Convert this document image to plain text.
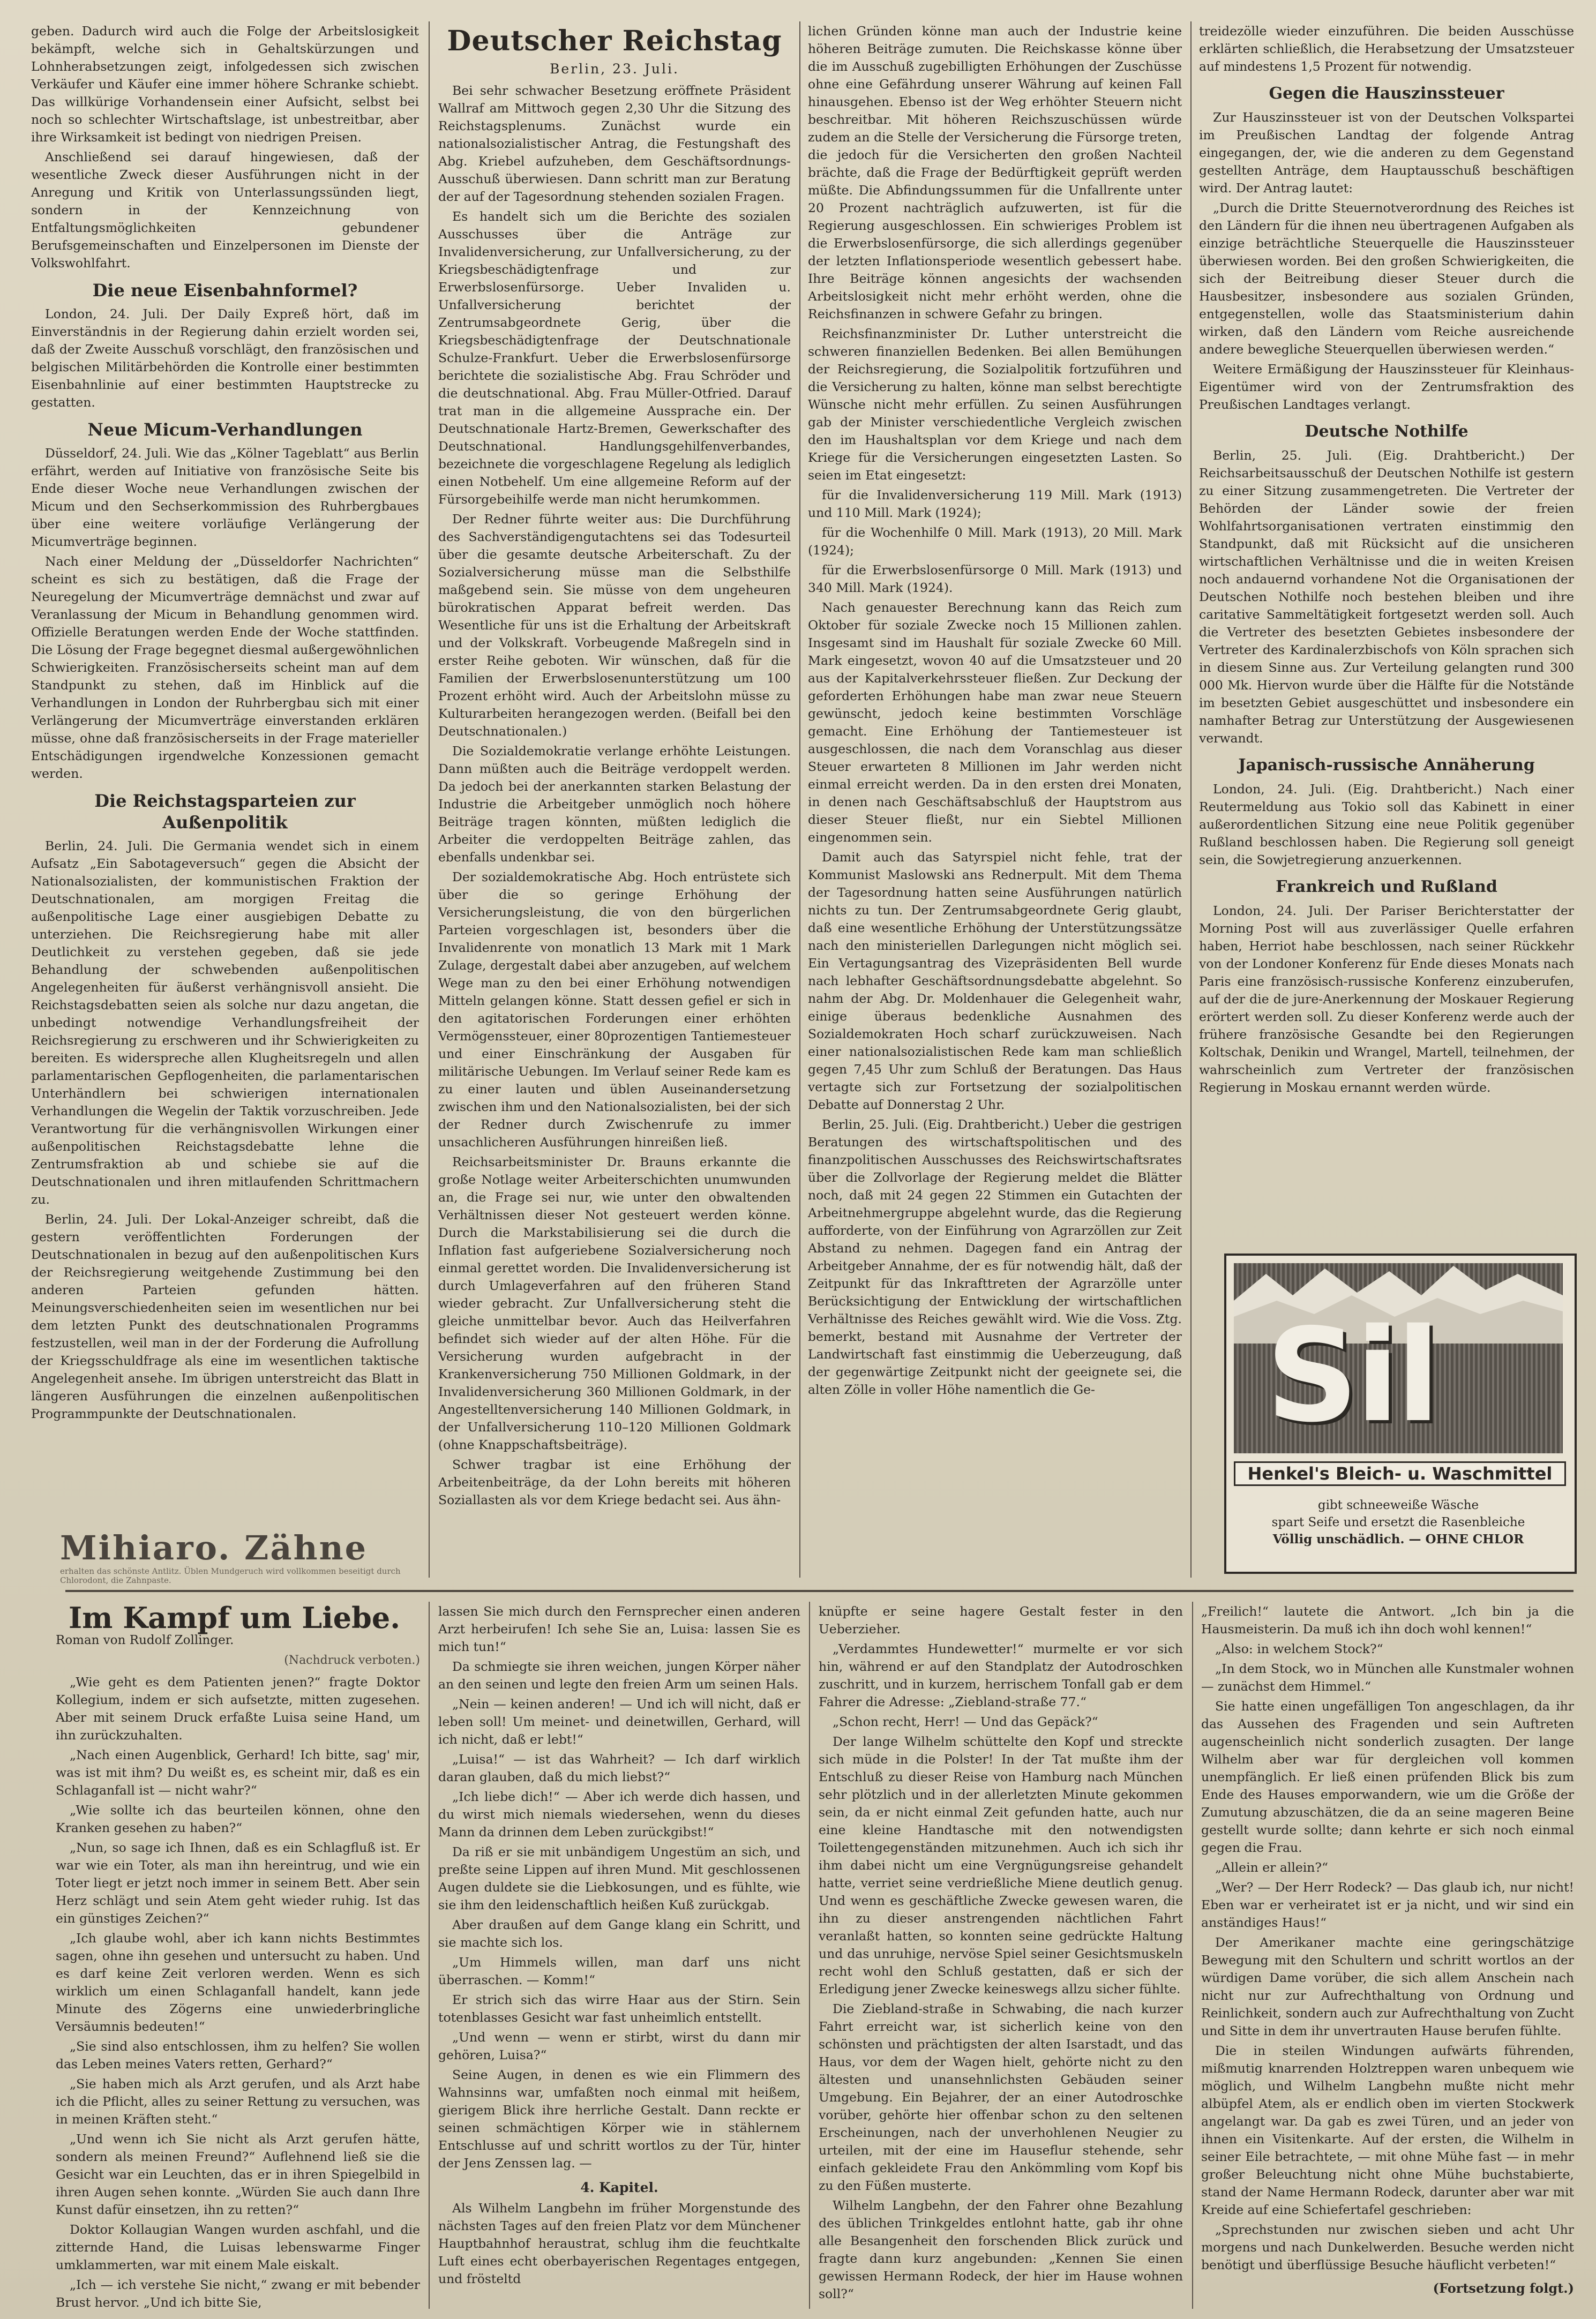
geben. Dadurch wird auch die Folge der Arbeitslosigkeit bekämpft, welche sich in Gehaltskürzungen und Lohnherabsetzungen zeigt, infolgedessen sich zwischen Verkäufer und Käufer eine immer höhere Schranke schiebt. Das willkürige Vorhandensein einer Aufsicht, selbst bei noch so schlechter Wirtschaftslage, ist unbestreitbar, aber ihre Wirksamkeit ist bedingt von niedrigen Preisen.

Anschließend sei darauf hingewiesen, daß der wesentliche Zweck dieser Ausführungen nicht in der Anregung und Kritik von Unterlassungssünden liegt, sondern in der Kennzeichnung von Entfaltungsmöglichkeiten gebundener Berufsgemeinschaften und Einzelpersonen im Dienste der Volkswohlfahrt.

Die neue Eisenbahnformel?

London, 24. Juli. Der Daily Expreß hört, daß im Einverständnis in der Regierung dahin erzielt worden sei, daß der Zweite Ausschuß vorschlägt, den französischen und belgischen Militärbehörden die Kontrolle einer bestimmten Eisenbahnlinie auf einer bestimmten Hauptstrecke zu gestatten.

Neue Micum-Verhandlungen

Düsseldorf, 24. Juli. Wie das „Kölner Tageblatt“ aus Berlin erfährt, werden auf Initiative von französische Seite bis Ende dieser Woche neue Verhandlungen zwischen der Micum und den Sechserkommission des Ruhrbergbaues über eine weitere vorläufige Verlängerung der Micumverträge beginnen.

Nach einer Meldung der „Düsseldorfer Nachrichten“ scheint es sich zu bestätigen, daß die Frage der Neuregelung der Micumverträge demnächst und zwar auf Veranlassung der Micum in Behandlung genommen wird. Offizielle Beratungen werden Ende der Woche stattfinden. Die Lösung der Frage begegnet diesmal außergewöhnlichen Schwierigkeiten. Französischerseits scheint man auf dem Standpunkt zu stehen, daß im Hinblick auf die Verhandlungen in London der Ruhrbergbau sich mit einer Verlängerung der Micumverträge einverstanden erklären müsse, ohne daß französischerseits in der Frage materieller Entschädigungen irgendwelche Konzessionen gemacht werden.

Die Reichstagsparteien zur Außenpolitik

Berlin, 24. Juli. Die Germania wendet sich in einem Aufsatz „Ein Sabotageversuch“ gegen die Absicht der Nationalsozialisten, der kommunistischen Fraktion der Deutschnationalen, am morgigen Freitag die außenpolitische Lage einer ausgiebigen Debatte zu unterziehen. Die Reichsregierung habe mit aller Deutlichkeit zu verstehen gegeben, daß sie jede Behandlung der schwebenden außenpolitischen Angelegenheiten für äußerst verhängnisvoll ansieht. Die Reichstagsdebatten seien als solche nur dazu angetan, die unbedingt notwendige Verhandlungsfreiheit der Reichsregierung zu erschweren und ihr Schwierigkeiten zu bereiten. Es widerspreche allen Klugheitsregeln und allen parlamentarischen Gepflogenheiten, die parlamentarischen Unterhändlern bei schwierigen internationalen Verhandlungen die Wegelin der Taktik vorzuschreiben. Jede Verantwortung für die verhängnisvollen Wirkungen einer außenpolitischen Reichstagsdebatte lehne die Zentrumsfraktion ab und schiebe sie auf die Deutschnationalen und ihren mitlaufenden Schrittmachern zu.

Berlin, 24. Juli. Der Lokal-Anzeiger schreibt, daß die gestern veröffentlichten Forderungen der Deutschnationalen in bezug auf den außenpolitischen Kurs der Reichsregierung weitgehende Zustimmung bei den anderen Parteien gefunden hätten. Meinungsverschiedenheiten seien im wesentlichen nur bei dem letzten Punkt des deutschnationalen Programms festzustellen, weil man in der der Forderung die Aufrollung der Kriegsschuldfrage als eine im wesentlichen taktische Angelegenheit ansehe. Im übrigen unterstreicht das Blatt in längeren Ausführungen die einzelnen außenpolitischen Programmpunkte der Deutschnationalen.

Mihiaro. Zähne
erhalten das schönste Antlitz. Üblen Mundgeruch wird vollkommen beseitigt durch Chlorodont, die Zahnpaste.
Deutscher Reichstag
Berlin, 23. Juli.

Bei sehr schwacher Besetzung eröffnete Präsident Wallraf am Mittwoch gegen 2,30 Uhr die Sitzung des Reichstagsplenums. Zunächst wurde ein nationalsozialistischer Antrag, die Festungshaft des Abg. Kriebel aufzuheben, dem Geschäftsordnungs-Ausschuß überwiesen. Dann schritt man zur Beratung der auf der Tagesordnung stehenden sozialen Fragen.

Es handelt sich um die Berichte des sozialen Ausschusses über die Anträge zur Invalidenversicherung, zur Unfallversicherung, zu der Kriegsbeschädigtenfrage und zur Erwerbslosenfürsorge. Ueber Invaliden u. Unfallversicherung berichtet der Zentrumsabgeordnete Gerig, über die Kriegsbeschädigtenfrage der Deutschnationale Schulze-Frankfurt. Ueber die Erwerbslosenfürsorge berichtete die sozialistische Abg. Frau Schröder und die deutschnational. Abg. Frau Müller-Otfried. Darauf trat man in die allgemeine Aussprache ein. Der Deutschnationale Hartz-Bremen, Gewerkschafter des Deutschnational. Handlungsgehilfenverbandes, bezeichnete die vorgeschlagene Regelung als lediglich einen Notbehelf. Um eine allgemeine Reform auf der Fürsorgebeihilfe werde man nicht herumkommen.

Der Redner führte weiter aus: Die Durchführung des Sachverständigengutachtens sei das Todesurteil über die gesamte deutsche Arbeiterschaft. Zu der Sozialversicherung müsse man die Selbsthilfe maßgebend sein. Sie müsse von dem ungeheuren bürokratischen Apparat befreit werden. Das Wesentliche für uns ist die Erhaltung der Arbeitskraft und der Volkskraft. Vorbeugende Maßregeln sind in erster Reihe geboten. Wir wünschen, daß für die Familien der Erwerbslosenunterstützung um 100 Prozent erhöht wird. Auch der Arbeitslohn müsse zu Kulturarbeiten herangezogen werden. (Beifall bei den Deutschnationalen.)

Die Sozialdemokratie verlange erhöhte Leistungen. Dann müßten auch die Beiträge verdoppelt werden. Da jedoch bei der anerkannten starken Belastung der Industrie die Arbeitgeber unmöglich noch höhere Beiträge tragen könnten, müßten lediglich die Arbeiter die verdoppelten Beiträge zahlen, das ebenfalls undenkbar sei.

Der sozialdemokratische Abg. Hoch entrüstete sich über die so geringe Erhöhung der Versicherungsleistung, die von den bürgerlichen Parteien vorgeschlagen ist, besonders über die Invalidenrente von monatlich 13 Mark mit 1 Mark Zulage, dergestalt dabei aber anzugeben, auf welchem Wege man zu den bei einer Erhöhung notwendigen Mitteln gelangen könne. Statt dessen gefiel er sich in den agitatorischen Forderungen einer erhöhten Vermögenssteuer, einer 80prozentigen Tantiemesteuer und einer Einschränkung der Ausgaben für militärische Uebungen. Im Verlauf seiner Rede kam es zu einer lauten und üblen Auseinandersetzung zwischen ihm und den Nationalsozialisten, bei der sich der Redner durch Zwischenrufe zu immer unsachlicheren Ausführungen hinreißen ließ.

Reichsarbeitsminister Dr. Brauns erkannte die große Notlage weiter Arbeiterschichten unumwunden an, die Frage sei nur, wie unter den obwaltenden Verhältnissen dieser Not gesteuert werden könne. Durch die Markstabilisierung sei die durch die Inflation fast aufgeriebene Sozialversicherung noch einmal gerettet worden. Die Invalidenversicherung ist durch Umlageverfahren auf den früheren Stand wieder gebracht. Zur Unfallversicherung steht die gleiche unmittelbar bevor. Auch das Heilverfahren befindet sich wieder auf der alten Höhe. Für die Versicherung wurden aufgebracht in der Krankenversicherung 750 Millionen Goldmark, in der Invalidenversicherung 360 Millionen Goldmark, in der Angestelltenversicherung 140 Millionen Goldmark, in der Unfallversicherung 110–120 Millionen Goldmark (ohne Knappschaftsbeiträge).

Schwer tragbar ist eine Erhöhung der Arbeitenbeiträge, da der Lohn bereits mit höheren Soziallasten als vor dem Kriege bedacht sei. Aus ähn-

lichen Gründen könne man auch der Industrie keine höheren Beiträge zumuten. Die Reichskasse könne über die im Ausschuß zugebilligten Erhöhungen der Zuschüsse ohne eine Gefährdung unserer Währung auf keinen Fall hinausgehen. Ebenso ist der Weg erhöhter Steuern nicht beschreitbar. Mit höheren Reichszuschüssen würde zudem an die Stelle der Versicherung die Fürsorge treten, die jedoch für die Versicherten den großen Nachteil brächte, daß die Frage der Bedürftigkeit geprüft werden müßte. Die Abfindungssummen für die Unfallrente unter 20 Prozent nachträglich aufzuwerten, ist für die Regierung ausgeschlossen. Ein schwieriges Problem ist die Erwerbslosenfürsorge, die sich allerdings gegenüber der letzten Inflationsperiode wesentlich gebessert habe. Ihre Beiträge können angesichts der wachsenden Arbeitslosigkeit nicht mehr erhöht werden, ohne die Reichsfinanzen in schwere Gefahr zu bringen.

Reichsfinanzminister Dr. Luther unterstreicht die schweren finanziellen Bedenken. Bei allen Bemühungen der Reichsregierung, die Sozialpolitik fortzuführen und die Versicherung zu halten, könne man selbst berechtigte Wünsche nicht mehr erfüllen. Zu seinen Ausführungen gab der Minister verschiedentliche Vergleich zwischen den im Haushaltsplan vor dem Kriege und nach dem Kriege für die Versicherungen eingesetzten Lasten. So seien im Etat eingesetzt:

für die Invalidenversicherung 119 Mill. Mark (1913) und 110 Mill. Mark (1924);

für die Wochenhilfe 0 Mill. Mark (1913), 20 Mill. Mark (1924);

für die Erwerbslosenfürsorge 0 Mill. Mark (1913) und 340 Mill. Mark (1924).

Nach genauester Berechnung kann das Reich zum Oktober für soziale Zwecke noch 15 Millionen zahlen. Insgesamt sind im Haushalt für soziale Zwecke 60 Mill. Mark eingesetzt, wovon 40 auf die Umsatzsteuer und 20 aus der Kapitalverkehrssteuer fließen. Zur Deckung der geforderten Erhöhungen habe man zwar neue Steuern gewünscht, jedoch keine bestimmten Vorschläge gemacht. Eine Erhöhung der Tantiemesteuer ist ausgeschlossen, die nach dem Voranschlag aus dieser Steuer erwarteten 8 Millionen im Jahr werden nicht einmal erreicht werden. Da in den ersten drei Monaten, in denen nach Geschäftsabschluß der Hauptstrom aus dieser Steuer fließt, nur ein Siebtel Millionen eingenommen sein.

Damit auch das Satyrspiel nicht fehle, trat der Kommunist Maslowski ans Rednerpult. Mit dem Thema der Tagesordnung hatten seine Ausführungen natürlich nichts zu tun. Der Zentrumsabgeordnete Gerig glaubt, daß eine wesentliche Erhöhung der Unterstützungssätze nach den ministeriellen Darlegungen nicht möglich sei. Ein Vertagungsantrag des Vizepräsidenten Bell wurde nach lebhafter Geschäftsordnungsdebatte abgelehnt. So nahm der Abg. Dr. Moldenhauer die Gelegenheit wahr, einige überaus bedenkliche Ausnahmen des Sozialdemokraten Hoch scharf zurückzuweisen. Nach einer nationalsozialistischen Rede kam man schließlich gegen 7,45 Uhr zum Schluß der Beratungen. Das Haus vertagte sich zur Fortsetzung der sozialpolitischen Debatte auf Donnerstag 2 Uhr.

Berlin, 25. Juli. (Eig. Drahtbericht.) Ueber die gestrigen Beratungen des wirtschaftspolitischen und des finanzpolitischen Ausschusses des Reichswirtschaftsrates über die Zollvorlage der Regierung meldet die Blätter noch, daß mit 24 gegen 22 Stimmen ein Gutachten der Arbeitnehmergruppe abgelehnt wurde, das die Regierung aufforderte, von der Einführung von Agrarzöllen zur Zeit Abstand zu nehmen. Dagegen fand ein Antrag der Arbeitgeber Annahme, der es für notwendig hält, daß der Zeitpunkt für das Inkrafttreten der Agrarzölle unter Berücksichtigung der Entwicklung der wirtschaftlichen Verhältnisse des Reiches gewählt wird. Wie die Voss. Ztg. bemerkt, bestand mit Ausnahme der Vertreter der Landwirtschaft fast einstimmig die Ueberzeugung, daß der gegenwärtige Zeitpunkt nicht der geeignete sei, die alten Zölle in voller Höhe namentlich die Ge-

treidezölle wieder einzuführen. Die beiden Ausschüsse erklärten schließlich, die Herabsetzung der Umsatzsteuer auf mindestens 1,5 Prozent für notwendig.

Gegen die Hauszinssteuer

Zur Hauszinssteuer ist von der Deutschen Volkspartei im Preußischen Landtag der folgende Antrag eingegangen, der, wie die anderen zu dem Gegenstand gestellten Anträge, dem Hauptausschuß beschäftigen wird. Der Antrag lautet:

„Durch die Dritte Steuernotverordnung des Reiches ist den Ländern für die ihnen neu übertragenen Aufgaben als einzige beträchtliche Steuerquelle die Hauszinssteuer überwiesen worden. Bei den großen Schwierigkeiten, die sich der Beitreibung dieser Steuer durch die Hausbesitzer, insbesondere aus sozialen Gründen, entgegenstellen, wolle das Staatsministerium dahin wirken, daß den Ländern vom Reiche ausreichende andere bewegliche Steuerquellen überwiesen werden.“

Weitere Ermäßigung der Hauszinssteuer für Kleinhaus-Eigentümer wird von der Zentrumsfraktion des Preußischen Landtages verlangt.

Deutsche Nothilfe

Berlin, 25. Juli. (Eig. Drahtbericht.) Der Reichsarbeitsausschuß der Deutschen Nothilfe ist gestern zu einer Sitzung zusammengetreten. Die Vertreter der Behörden der Länder sowie der freien Wohlfahrtsorganisationen vertraten einstimmig den Standpunkt, daß mit Rücksicht auf die unsicheren wirtschaftlichen Verhältnisse und die in weiten Kreisen noch andauernd vorhandene Not die Organisationen der Deutschen Nothilfe noch bestehen bleiben und ihre caritative Sammeltätigkeit fortgesetzt werden soll. Auch die Vertreter des besetzten Gebietes insbesondere der Vertreter des Kardinalerzbischofs von Köln sprachen sich in diesem Sinne aus. Zur Verteilung gelangten rund 300 000 Mk. Hiervon wurde über die Hälfte für die Notstände im besetzten Gebiet ausgeschüttet und insbesondere ein namhafter Betrag zur Unterstützung der Ausgewiesenen verwandt.

Japanisch-russische Annäherung

London, 24. Juli. (Eig. Drahtbericht.) Nach einer Reutermeldung aus Tokio soll das Kabinett in einer außerordentlichen Sitzung eine neue Politik gegenüber Rußland beschlossen haben. Die Regierung soll geneigt sein, die Sowjetregierung anzuerkennen.

Frankreich und Rußland

London, 24. Juli. Der Pariser Berichterstatter der Morning Post will aus zuverlässiger Quelle erfahren haben, Herriot habe beschlossen, nach seiner Rückkehr von der Londoner Konferenz für Ende dieses Monats nach Paris eine französisch-russische Konferenz einzuberufen, auf der die de jure-Anerkennung der Moskauer Regierung erörtert werden soll. Zu dieser Konferenz werde auch der frühere französische Gesandte bei den Regierungen Koltschak, Denikin und Wrangel, Martell, teilnehmen, der wahrscheinlich zum Vertreter der französischen Regierung in Moskau ernannt werden würde.

Sil
Henkel's Bleich- u. Waschmittel
gibt schneeweiße Wäsche
spart Seife und ersetzt die Rasenbleiche
Völlig unschädlich. — OHNE CHLOR
Im Kampf um Liebe.
Roman von Rudolf Zollinger.
(Nachdruck verboten.)

„Wie geht es dem Patienten jenen?“ fragte Doktor Kollegium, indem er sich aufsetzte, mitten zugesehen. Aber mit seinem Druck erfaßte Luisa seine Hand, um ihn zurückzuhalten.

„Nach einen Augenblick, Gerhard! Ich bitte, sag' mir, was ist mit ihm? Du weißt es, es scheint mir, daß es ein Schlaganfall ist — nicht wahr?“

„Wie sollte ich das beurteilen können, ohne den Kranken gesehen zu haben?“

„Nun, so sage ich Ihnen, daß es ein Schlagfluß ist. Er war wie ein Toter, als man ihn hereintrug, und wie ein Toter liegt er jetzt noch immer in seinem Bett. Aber sein Herz schlägt und sein Atem geht wieder ruhig. Ist das ein günstiges Zeichen?“

„Ich glaube wohl, aber ich kann nichts Bestimmtes sagen, ohne ihn gesehen und untersucht zu haben. Und es darf keine Zeit verloren werden. Wenn es sich wirklich um einen Schlaganfall handelt, kann jede Minute des Zögerns eine unwiederbringliche Versäumnis bedeuten!“

„Sie sind also entschlossen, ihm zu helfen? Sie wollen das Leben meines Vaters retten, Gerhard?“

„Sie haben mich als Arzt gerufen, und als Arzt habe ich die Pflicht, alles zu seiner Rettung zu versuchen, was in meinen Kräften steht.“

„Und wenn ich Sie nicht als Arzt gerufen hätte, sondern als meinen Freund?“ Auflehnend ließ sie die Gesicht war ein Leuchten, das er in ihren Spiegelbild in ihren Augen sehen konnte. „Würden Sie auch dann Ihre Kunst dafür einsetzen, ihn zu retten?“

Doktor Kollaugian Wangen wurden aschfahl, und die zitternde Hand, die Luisas lebenswarme Finger umklammerten, war mit einem Male eiskalt.

„Ich — ich verstehe Sie nicht,“ zwang er mit bebender Brust hervor. „Und ich bitte Sie,

lassen Sie mich durch den Fernsprecher einen anderen Arzt herbeirufen! Ich sehe Sie an, Luisa: lassen Sie es mich tun!“

Da schmiegte sie ihren weichen, jungen Körper näher an den seinen und legte den freien Arm um seinen Hals.

„Nein — keinen anderen! — Und ich will nicht, daß er leben soll! Um meinet- und deinetwillen, Gerhard, will ich nicht, daß er lebt!“

„Luisa!“ — ist das Wahrheit? — Ich darf wirklich daran glauben, daß du mich liebst?“

„Ich liebe dich!“ — Aber ich werde dich hassen, und du wirst mich niemals wiedersehen, wenn du dieses Mann da drinnen dem Leben zurückgibst!“

Da riß er sie mit unbändigem Ungestüm an sich, und preßte seine Lippen auf ihren Mund. Mit geschlossenen Augen duldete sie die Liebkosungen, und es fühlte, wie sie ihm den leidenschaftlich heißen Kuß zurückgab.

Aber draußen auf dem Gange klang ein Schritt, und sie machte sich los.

„Um Himmels willen, man darf uns nicht überraschen. — Komm!“

Er strich sich das wirre Haar aus der Stirn. Sein totenblasses Gesicht war fast unheimlich entstellt.

„Und wenn — wenn er stirbt, wirst du dann mir gehören, Luisa?“

Seine Augen, in denen es wie ein Flimmern des Wahnsinns war, umfaßten noch einmal mit heißem, gierigem Blick ihre herrliche Gestalt. Dann reckte er seinen schmächtigen Körper wie in stählernem Entschlusse auf und schritt wortlos zu der Tür, hinter der Jens Zenssen lag. —

4. Kapitel.

Als Wilhelm Langbehn im früher Morgenstunde des nächsten Tages auf den freien Platz vor dem Münchener Hauptbahnhof heraustrat, schlug ihm die feuchtkalte Luft eines echt oberbayerischen Regentages entgegen, und frösteltd

knüpfte er seine hagere Gestalt fester in den Ueberzieher.

„Verdammtes Hundewetter!“ murmelte er vor sich hin, während er auf den Standplatz der Autodroschken zuschritt, und in kurzem, herrischem Tonfall gab er dem Fahrer die Adresse: „Ziebland-straße 77.“

„Schon recht, Herr! — Und das Gepäck?“

Der lange Wilhelm schüttelte den Kopf und streckte sich müde in die Polster! In der Tat mußte ihm der Entschluß zu dieser Reise von Hamburg nach München sehr plötzlich und in der allerletzten Minute gekommen sein, da er nicht einmal Zeit gefunden hatte, auch nur eine kleine Handtasche mit den notwendigsten Toilettengegenständen mitzunehmen. Auch ich sich ihr ihm dabei nicht um eine Vergnügungsreise gehandelt hatte, verriet seine verdrießliche Miene deutlich genug. Und wenn es geschäftliche Zwecke gewesen waren, die ihn zu dieser anstrengenden nächtlichen Fahrt veranlaßt hatten, so konnten seine gedrückte Haltung und das unruhige, nervöse Spiel seiner Gesichtsmuskeln recht wohl den Schluß gestatten, daß er sich der Erledigung jener Zwecke keineswegs allzu sicher fühlte.

Die Ziebland-straße in Schwabing, die nach kurzer Fahrt erreicht war, ist sicherlich keine von den schönsten und prächtigsten der alten Isarstadt, und das Haus, vor dem der Wagen hielt, gehörte nicht zu den ältesten und unansehnlichsten Gebäuden seiner Umgebung. Ein Bejahrer, der an einer Autodroschke vorüber, gehörte hier offenbar schon zu den seltenen Erscheinungen, nach der unverhohlenen Neugier zu urteilen, mit der eine im Hauseflur stehende, sehr einfach gekleidete Frau den Ankömmling vom Kopf bis zu den Füßen musterte.

Wilhelm Langbehn, der den Fahrer ohne Bezahlung des üblichen Trinkgeldes entlohnt hatte, gab ihr ohne alle Besangenheit den forschenden Blick zurück und fragte dann kurz angebunden: „Kennen Sie einen gewissen Hermann Rodeck, der hier im Hause wohnen soll?“

„Freilich!“ lautete die Antwort. „Ich bin ja die Hausmeisterin. Da muß ich ihn doch wohl kennen!“

„Also: in welchem Stock?“

„In dem Stock, wo in München alle Kunstmaler wohnen — zunächst dem Himmel.“

Sie hatte einen ungefälligen Ton angeschlagen, da ihr das Aussehen des Fragenden und sein Auftreten augenscheinlich nicht sonderlich zusagten. Der lange Wilhelm aber war für dergleichen voll kommen unempfänglich. Er ließ einen prüfenden Blick bis zum Ende des Hauses emporwandern, wie um die Größe der Zumutung abzuschätzen, die da an seine mageren Beine gestellt wurde sollte; dann kehrte er sich noch einmal gegen die Frau.

„Allein er allein?“

„Wer? — Der Herr Rodeck? — Das glaub ich, nur nicht! Eben war er verheiratet ist er ja nicht, und wir sind ein anständiges Haus!“

Der Amerikaner machte eine geringschätzige Bewegung mit den Schultern und schritt wortlos an der würdigen Dame vorüber, die sich allem Anschein nach nicht nur zur Aufrechthaltung von Ordnung und Reinlichkeit, sondern auch zur Aufrechthaltung von Zucht und Sitte in dem ihr unvertrauten Hause berufen fühlte.

Die in steilen Windungen aufwärts führenden, mißmutig knarrenden Holztreppen waren unbequem wie möglich, und Wilhelm Langbehn mußte nicht mehr albüpfel Atem, als er endlich oben im vierten Stockwerk angelangt war. Da gab es zwei Türen, und an jeder von ihnen ein Visitenkarte. Auf der ersten, die Wilhelm in seiner Eile betrachtete, — mit ohne Mühe fast — in mehr großer Beleuchtung nicht ohne Mühe buchstabierte, stand der Name Hermann Rodeck, darunter aber war mit Kreide auf eine Schiefertafel geschrieben:

„Sprechstunden nur zwischen sieben und acht Uhr morgens und nach Dunkelwerden. Besuche werden nicht benötigt und überflüssige Besuche häuflicht verbeten!“

(Fortsetzung folgt.)
